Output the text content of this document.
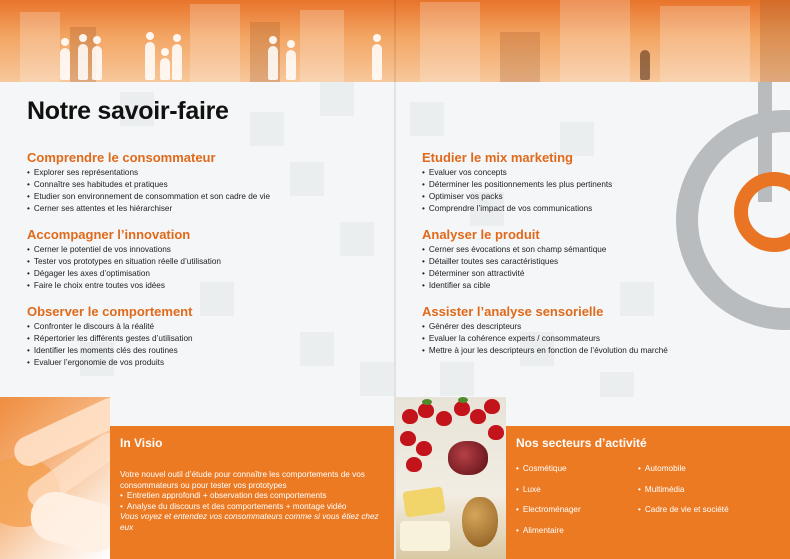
Notre savoir-faire
Comprendre le consommateur
• Explorer ses représentations
• Connaître ses habitudes et pratiques
• Etudier son environnement de consommation et son cadre de vie
• Cerner ses attentes et les hiérarchiser
Accompagner l’innovation
• Cerner le potentiel de vos innovations
• Tester vos prototypes en situation réelle d’utilisation
• Dégager les axes d’optimisation
• Faire le choix entre toutes vos idées
Observer le comportement
• Confronter le discours à la réalité
• Répertorier les différents gestes d’utilisation
• Identifier les moments clés des routines
• Evaluer l’ergonomie de vos produits
Etudier le mix marketing
• Evaluer vos concepts
• Déterminer les positionnements les plus pertinents
• Optimiser vos packs
• Comprendre l’impact de vos communications
Analyser le produit
• Cerner ses évocations et son champ sémantique
• Détailler toutes ses caractéristiques
• Déterminer son attractivité
• Identifier sa cible
Assister l’analyse sensorielle
• Générer des descripteurs
• Evaluer la cohérence experts / consommateurs
• Mettre à jour les descripteurs en fonction de l’évolution du marché
In Visio

Votre nouvel outil d’étude pour connaître les comportements de vos consommateurs ou pour tester vos prototypes

• Entretien approfondi + observation des comportements
• Analyse du discours et des comportements + montage vidéo

Vous voyez et entendez vos consommateurs comme si vous étiez chez eux

Nos secteurs d’activité
• Cosmétique	• Automobile
• Luxe	• Multimédia
• Electroménager	• Cadre de vie et société
• Alimentaire
